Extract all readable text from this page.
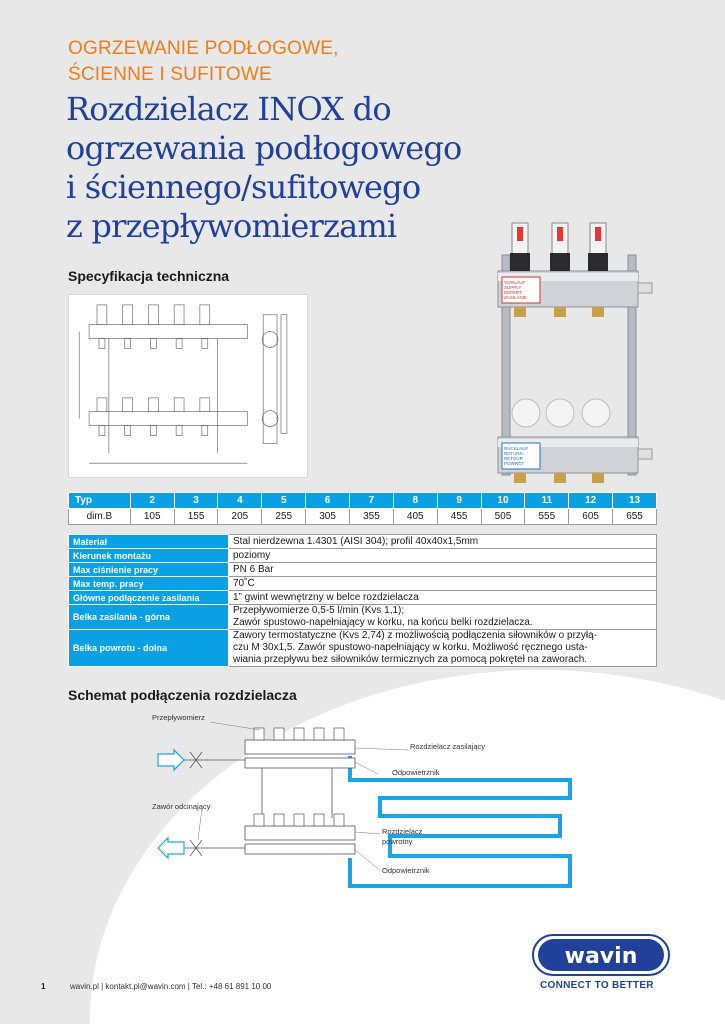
OGRZEWANIE PODŁOGOWE,
ŚCIENNE I SUFITOWE
Rozdzielacz INOX do
ogrzewania podłogowego
i ściennego/sufitowego
z przepływomierzami
VORLAUF
SUPPLY
DEPART
ZASILANIE
RÜCKLAUF
RETURN
RETOUR
POWRÓT
Specyfikacja techniczna
Typ	2	3	4	5	6	7	8	9	10	11	12	13
dim.B	105	155	205	255	305	355	405	455	505	555	605	655
Materiał	Stal nierdzewna 1.4301 (AISI 304); profil 40x40x1,5mm
Kierunek montażu	poziomy
Max ciśnienie pracy	PN 6 Bar
Max temp. pracy	70˚C
Główne podłączenie zasilania	1” gwint wewnętrzny w belce rozdzielacza
Belka zasilania - górna	Przepływomierze 0,5-5 l/min (Kvs 1,1);
Zawór spustowo-napełniający w korku, na końcu belki rozdzielacza.

Belka powrotu - dolna	Zawory termostatyczne (Kvs 2,74) z możliwością podłączenia siłowników o przyłą-
czu M 30x1,5. Zawór spustowo-napełniający w korku. Możliwość ręcznego usta-
wiania przepływu bez siłowników termicznych za pomocą pokręteł na zaworach.
Schemat podłączenia rozdzielacza
Przepływomierz
Rozdzielacz zasilający
Odpowietrznik
Zawór odcinający
Rozdzielacz
powrotny
Odpowietrznik
wavin
CONNECT TO BETTER
1	wavin.pl | kontakt.pl@wavin.com | Tel.: +48 61 891 10 00
